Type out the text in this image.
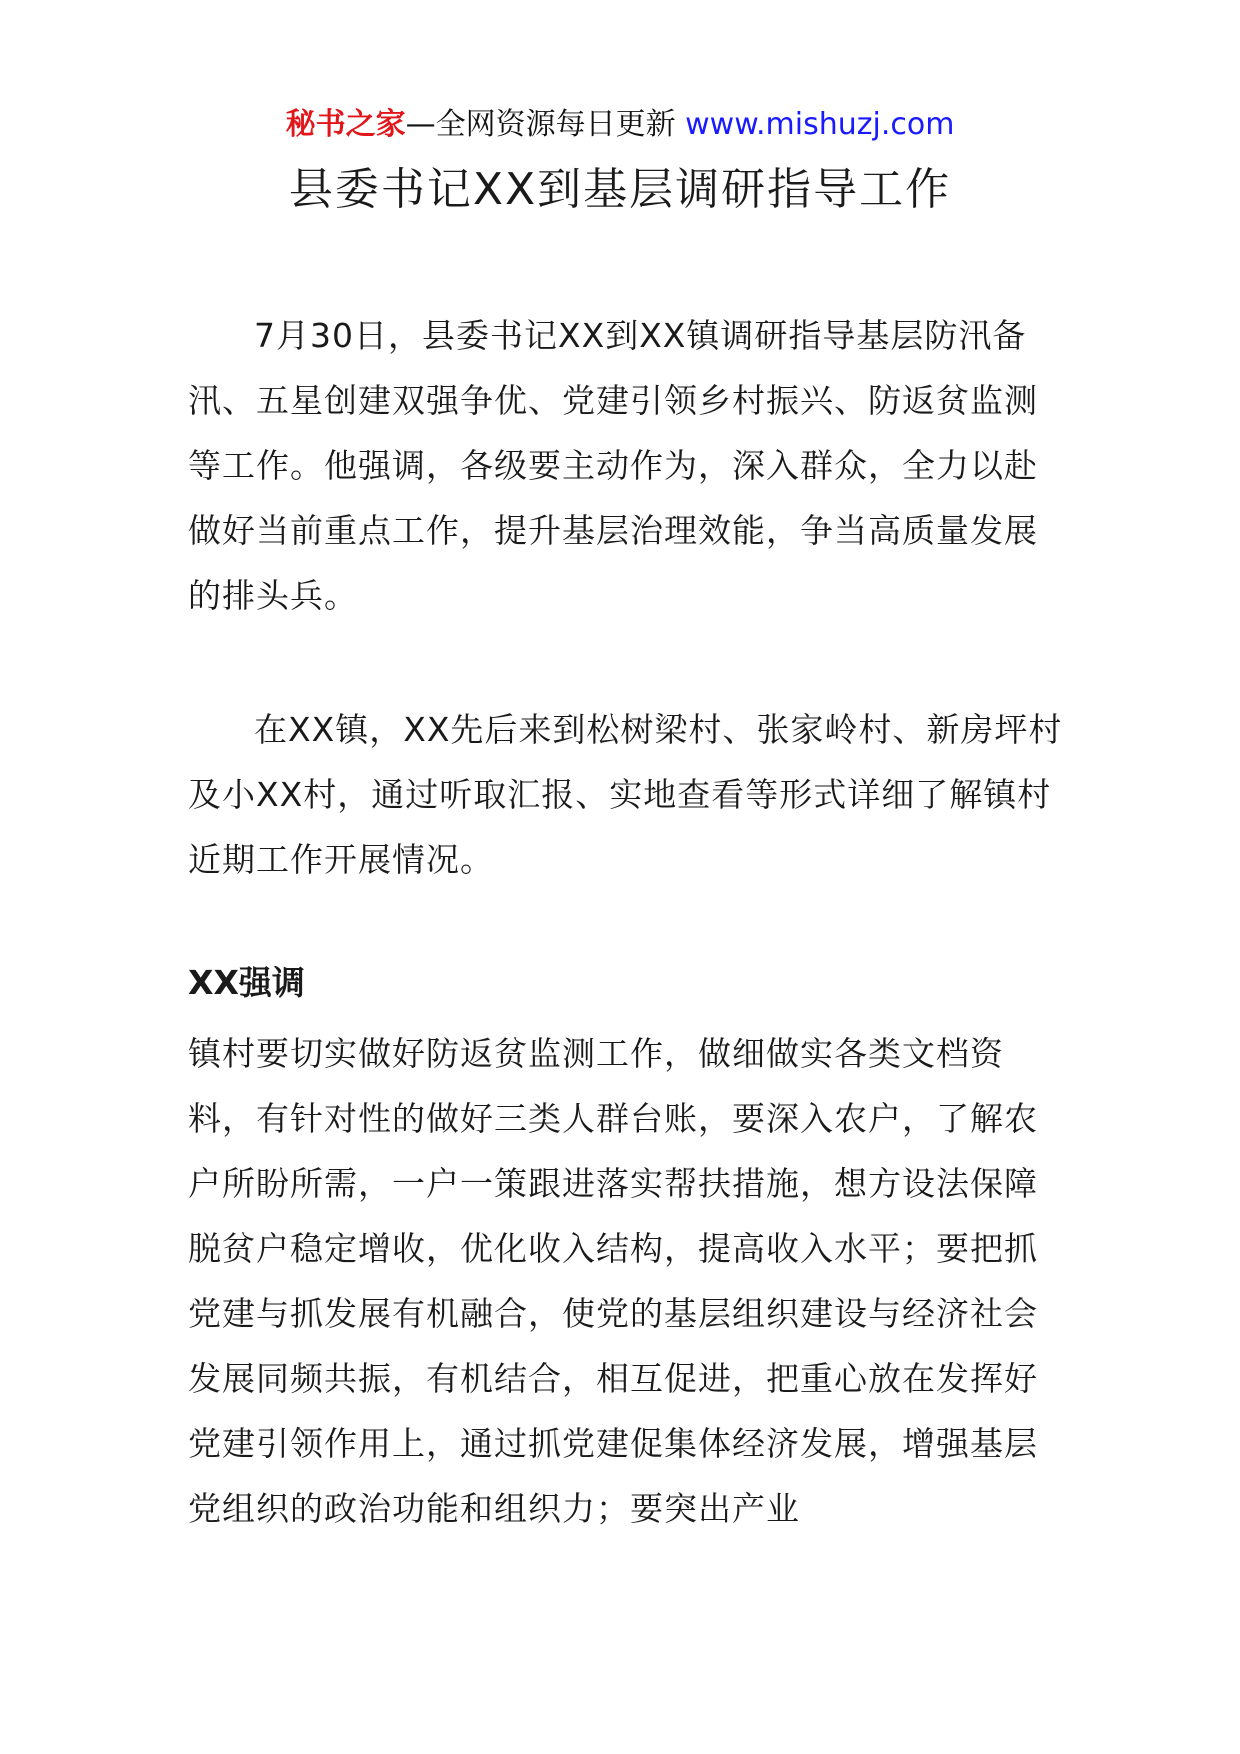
秘书之家—全网资源每日更新 www.mishuzj.com
县委书记XX到基层调研指导工作

7月30日，县委书记XX到XX镇调研指导基层防汛备汛、五星创建双强争优、党建引领乡村振兴、防返贫监测等工作。他强调，各级要主动作为，深入群众，全力以赴做好当前重点工作，提升基层治理效能，争当高质量发展的排头兵。

在XX镇，XX先后来到松树梁村、张家岭村、新房坪村及小XX村，通过听取汇报、实地查看等形式详细了解镇村近期工作开展情况。

XX强调

镇村要切实做好防返贫监测工作，做细做实各类文档资料，有针对性的做好三类人群台账，要深入农户，了解农户所盼所需，一户一策跟进落实帮扶措施，想方设法保障脱贫户稳定增收，优化收入结构，提高收入水平；要把抓党建与抓发展有机融合，使党的基层组织建设与经济社会发展同频共振，有机结合，相互促进，把重心放在发挥好党建引领作用上，通过抓党建促集体经济发展，增强基层党组织的政治功能和组织力；要突出产业
